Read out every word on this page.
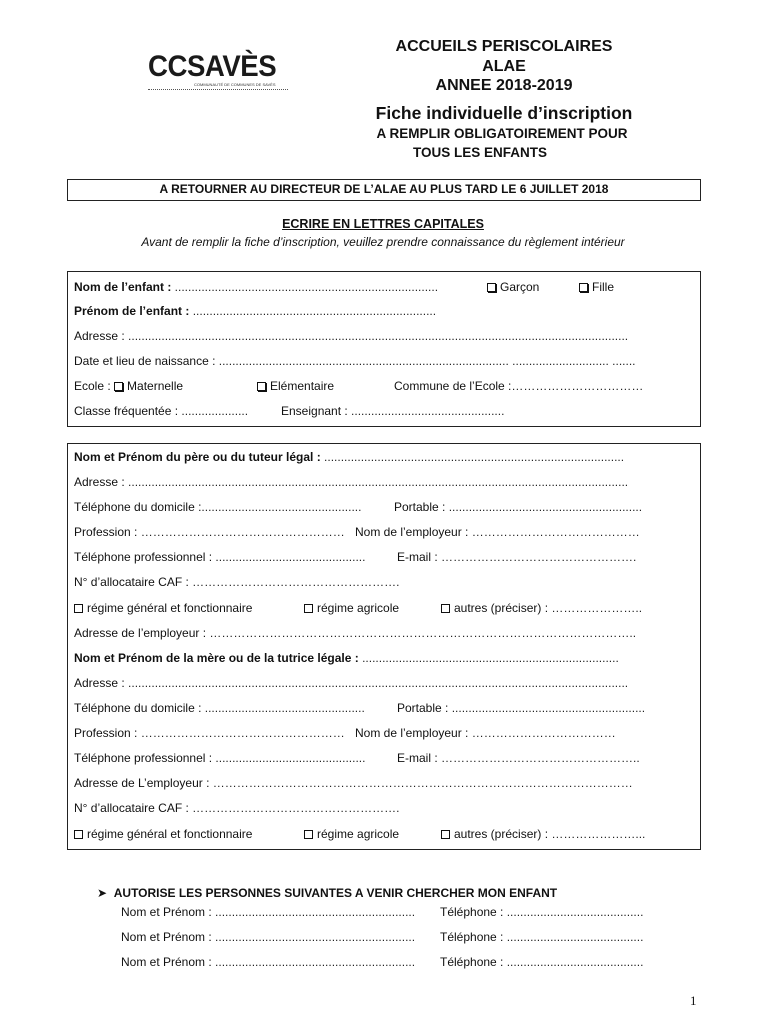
CCSAVÈS
COMMUNAUTÉ DE COMMUNES DE SAVÈS
ACCUEILS PERISCOLAIRES
ALAE
ANNEE 2018-2019
Fiche individuelle d’inscription
A REMPLIR OBLIGATOIREMENT POUR
TOUS LES ENFANTS
A RETOURNER AU DIRECTEUR DE L’ALAE AU PLUS TARD LE 6 JUILLET 2018
ECRIRE EN LETTRES CAPITALES
Avant de remplir la fiche d’inscription, veuillez prendre connaissance du règlement intérieur
Nom de l’enfant : ...............................................................................	Garçon	Fille
Prénom de l’enfant : .........................................................................
Adresse : ......................................................................................................................................................
Date et lieu de naissance : ....................................................................................... ............................. .......
Ecole : Maternelle	Elémentaire	Commune de l’Ecole :……………………………
Classe fréquentée : ....................	Enseignant : ..............................................
Nom et Prénom du père ou du tuteur légal : ..........................................................................................
Adresse : ......................................................................................................................................................
Téléphone du domicile :................................................	Portable : ..........................................................
Profession : …………………………………………… Nom de l’employeur : ……………………………………
Téléphone professionnel : .............................................	E-mail : ………………………………………….
N° d’allocataire CAF : …………………………………………….
régime général et fonctionnaire	régime agricole	autres (préciser) : …………………..
Adresse de l’employeur : ……………………………………………………………………………………………..
Nom et Prénom de la mère ou de la tutrice légale : .............................................................................
Adresse : ......................................................................................................................................................
Téléphone du domicile : ................................................	Portable : ..........................................................
Profession : …………………………………………… Nom de l’employeur : ………………………………
Téléphone professionnel : .............................................	E-mail : …………………………………………..
Adresse de L’employeur : ……………………………………………………………………………………………
N° d’allocataire CAF : …………………………………………….
régime général et fonctionnaire	régime agricole	autres (préciser) : …………………...
➤ AUTORISE LES PERSONNES SUIVANTES A VENIR CHERCHER MON ENFANT
Nom et Prénom : ............................................................ Téléphone : .........................................
Nom et Prénom : ............................................................ Téléphone : .........................................
Nom et Prénom : ............................................................ Téléphone : .........................................
1
